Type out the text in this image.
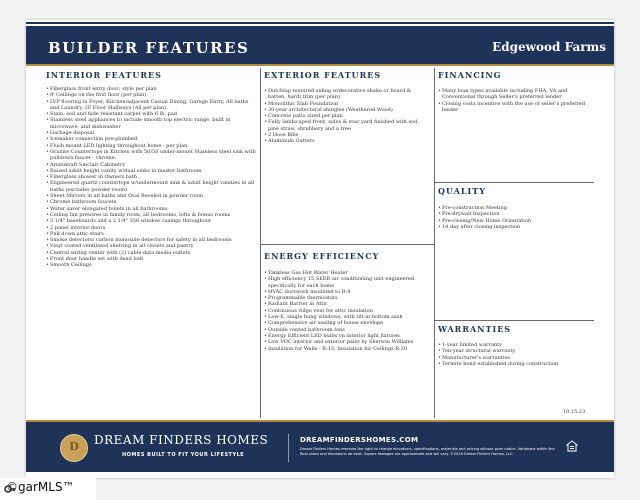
BUILDER FEATURES	Edgewood Farms

INTERIOR FEATURES

• Fiberglass front entry door; style per plan
• 9' Ceilings on the first floor (per plan)
• LVP flooring in Foyer, Kitchen/adjacent Casual Dining, Garage Entry, All baths and Laundry, 2F Floor Hallways (All per plan).
• Stain, soil and fade resistant carpet with 6 lb. pad
• Stainless steel appliances to include smooth top electric range, built in microwave, and dishwasher
• Garbage disposal
• Icemaker connection pre-plumbed
• Flush mount LED lighting throughout home - per plan
• Granite Countertops in Kitchen with 50/50 under-mount Stainless steel sink with pulldown faucet - chrome.
• Aristokraft Sinclair Cabinetry
• Raised adult height vanity w/dual sinks in master bathroom
• Fiberglass shower in Owners bath
• Engineered quartz countertops w/undermount sink & adult height vanities in all baths (excludes powder room)
• Sheet Mirrors in all baths and Oval Beveled in powder room
• Chrome bathroom faucets
• Water saver elongated toilets in all bathrooms
• Ceiling fan prewires in family room, all bedrooms, lofts & bonus rooms
• 3 1/4" baseboards and a 2 1/4" 356 window casings throughout
• 2 panel interior doors
• Pull down attic stairs
• Smoke detectors/ carbon monoxide detectors for safety in all bedrooms
• Vinyl coated ventilated shelving in all closets and pantry
• Central wiring center with (2) cable-data media outlets
• Front door handle set with dead bolt
• Smooth Ceilings

EXTERIOR FEATURES

• Dutchlap textured siding w/decorative shake or board & batten, hardi trim (per plan)
• Monolithic Slab Foundation
• 30-year architectural shingles (Weathered Wood)
• Concrete patio sized per plan
• Fully landscaped front, sides & rear yard finished with sod, pine straw, shrubbery and a tree
• 2 Hose Bibs
• Aluminum Gutters

ENERGY EFFICIENCY

• Tankless Gas Hot Water Heater
• High efficiency 15 SEER air conditioning unit engineered specifically for each home
• HVAC ductwork insulated to R-8
• Programmable thermostats
• Radiant Barrier in Attic
• Continuous ridge vent for attic insulation
• Low-E, single hung windows, with tilt-in bottom sash
• Comprehensive air sealing of house envelope
• Outside vented bathroom fans
• Energy Efficient LED bulbs on interior light fixtures
• Low VOC interior and exterior paint by Sherwin Williams
• Insulation for Walls - R-13; Insulation for Ceilings R-30

FINANCING

• Many loan types available including FHA, VA and Conventional through Seller's preferred lender
• Closing costs incentive with the use of seller's preferred lender

QUALITY

• Pre-construction Meeting
• Pre-drywall Inspection
• Pre-closing/New Home Orientation
• 14 day after closing inspection

WARRANTIES

• 1-year limited warranty
• Ten-year structural warranty
• Manufacturer's warranties
• Termite bond established during construction
10.15.23
D	DREAM FINDERS HOMES
HOMES BUILT TO FIT YOUR LIFESTYLE
DREAMFINDERSHOMES.COM
Dream Finders Homes reserves the right to change elevations, specifications, materials and pricing without prior notice. Variations within the floor plans and elevations do exist. Square footages are approximate and will vary. ©2016 Dream Finders Homes, LLC.
©garMLS™
